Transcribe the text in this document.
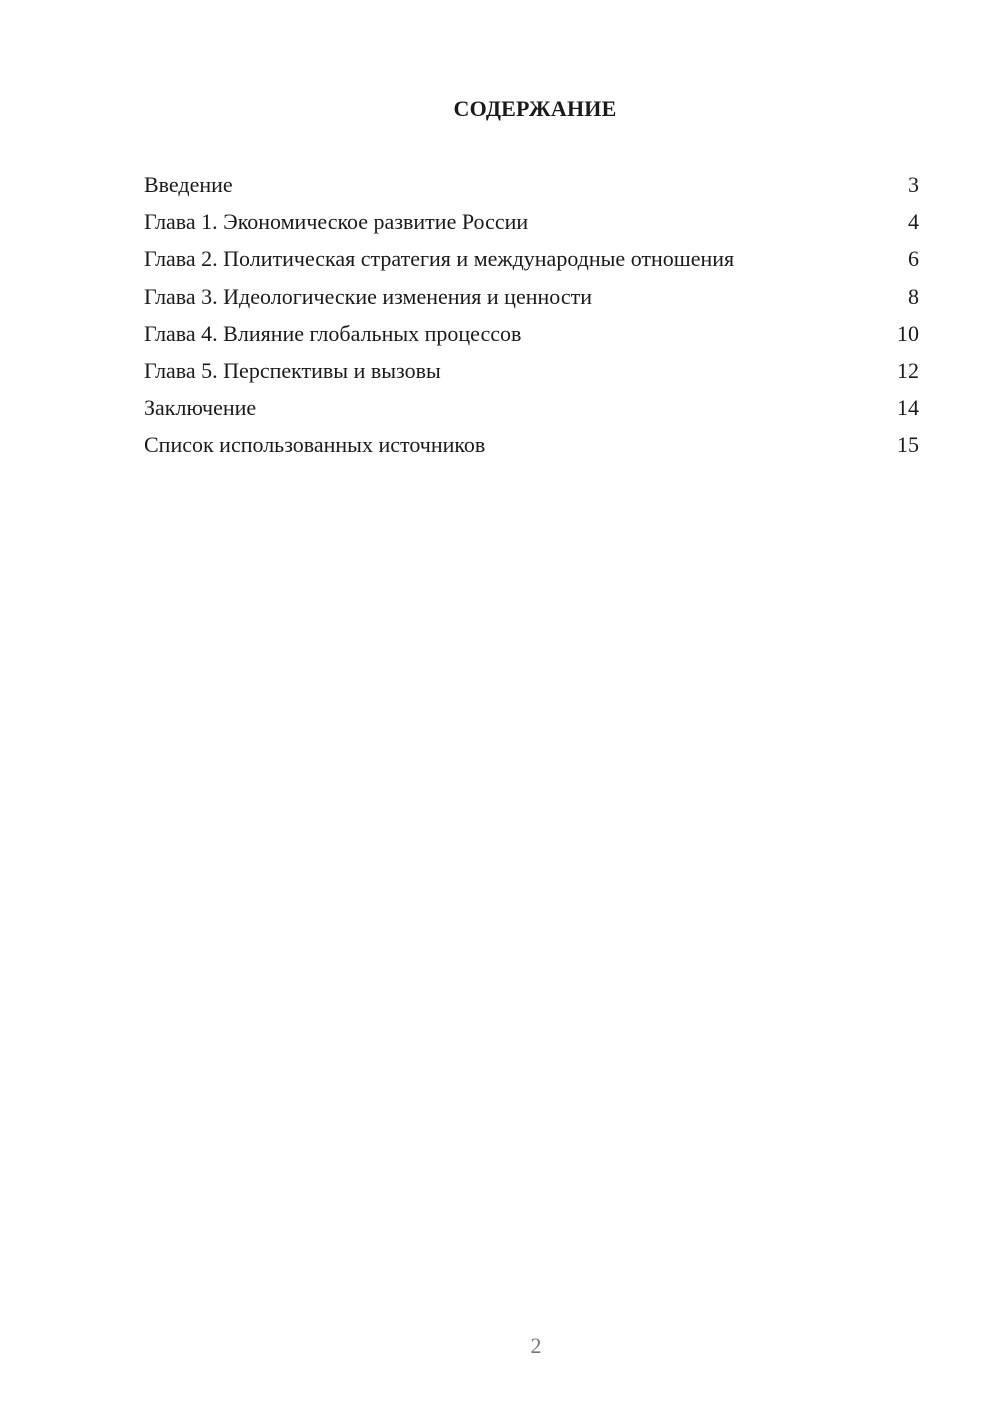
СОДЕРЖАНИЕ
Введение	3
Глава 1. Экономическое развитие России	4
Глава 2. Политическая стратегия и международные отношения	6
Глава 3. Идеологические изменения и ценности	8
Глава 4. Влияние глобальных процессов	10
Глава 5. Перспективы и вызовы	12
Заключение	14
Список использованных источников	15
2
